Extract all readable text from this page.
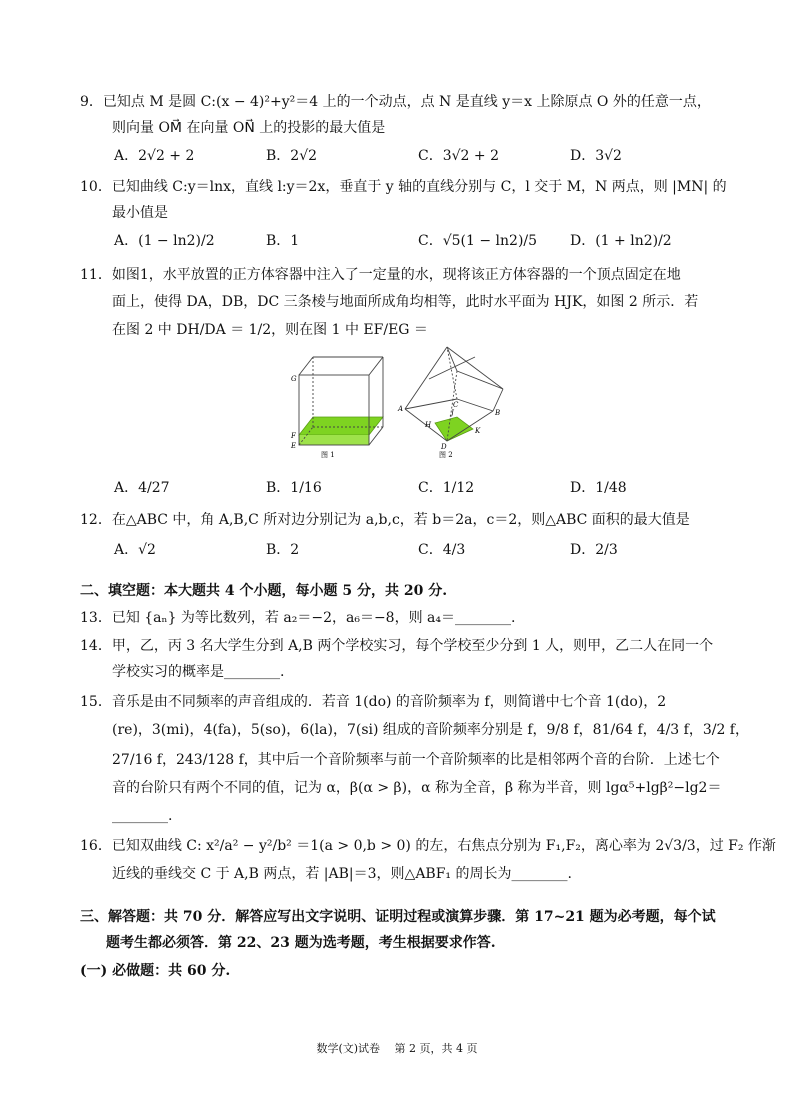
9．已知点 M 是圆 C:(x − 4)²+y²＝4 上的一个动点，点 N 是直线 y＝x 上除原点 O 外的任意一点，
则向量 OM⃗ 在向量 ON⃗ 上的投影的最大值是
A．2√2 + 2	B．2√2	C．3√2 + 2	D．3√2
10．已知曲线 C:y＝lnx，直线 l:y＝2x，垂直于 y 轴的直线分别与 C，l 交于 M，N 两点，则 |MN| 的
最小值是
A．(1 − ln2)/2	B．1	C．√5(1 − ln2)/5 D．(1 + ln2)/2
11．如图1，水平放置的正方体容器中注入了一定量的水，现将该正方体容器的一个顶点固定在地
面上，使得 DA，DB，DC 三条棱与地面所成角均相等，此时水平面为 HJK，如图 2 所示．若
在图 2 中 DH/DA ＝ 1/2，则在图 1 中 EF/EG ＝
G
E
F
图 1
A
H
J
K
D
C
B
图 2
A．4/27	B．1/16	C．1/12	D．1/48
12．在△ABC 中，角 A,B,C 所对边分别记为 a,b,c，若 b＝2a，c＝2，则△ABC 面积的最大值是
A．√2	B．2	C．4/3	D．2/3
二、填空题：本大题共 4 个小题，每小题 5 分，共 20 分.
13．已知 {aₙ} 为等比数列，若 a₂＝−2，a₆＝−8，则 a₄＝________.
14．甲，乙，丙 3 名大学生分到 A,B 两个学校实习，每个学校至少分到 1 人，则甲，乙二人在同一个
学校实习的概率是________.
15．音乐是由不同频率的声音组成的．若音 1(do) 的音阶频率为 f，则简谱中七个音 1(do)，2
(re)，3(mi)，4(fa)，5(so)，6(la)，7(si) 组成的音阶频率分别是 f，9/8 f，81/64 f，4/3 f，3/2 f，
27/16 f，243/128 f，其中后一个音阶频率与前一个音阶频率的比是相邻两个音的台阶．上述七个
音的台阶只有两个不同的值，记为 α，β(α > β)，α 称为全音，β 称为半音，则 lgα⁵+lgβ²−lg2＝
________.
16．已知双曲线 C: x²/a² − y²/b² ＝1(a > 0,b > 0) 的左，右焦点分别为 F₁,F₂，离心率为 2√3/3，过 F₂ 作渐
近线的垂线交 C 于 A,B 两点，若 |AB|＝3，则△ABF₁ 的周长为________.
三、解答题：共 70 分．解答应写出文字说明、证明过程或演算步骤．第 17~21 题为必考题，每个试
题考生都必须答．第 22、23 题为选考题，考生根据要求作答.
(一) 必做题：共 60 分.
数学(文)试卷　 第 2 页，共 4 页
